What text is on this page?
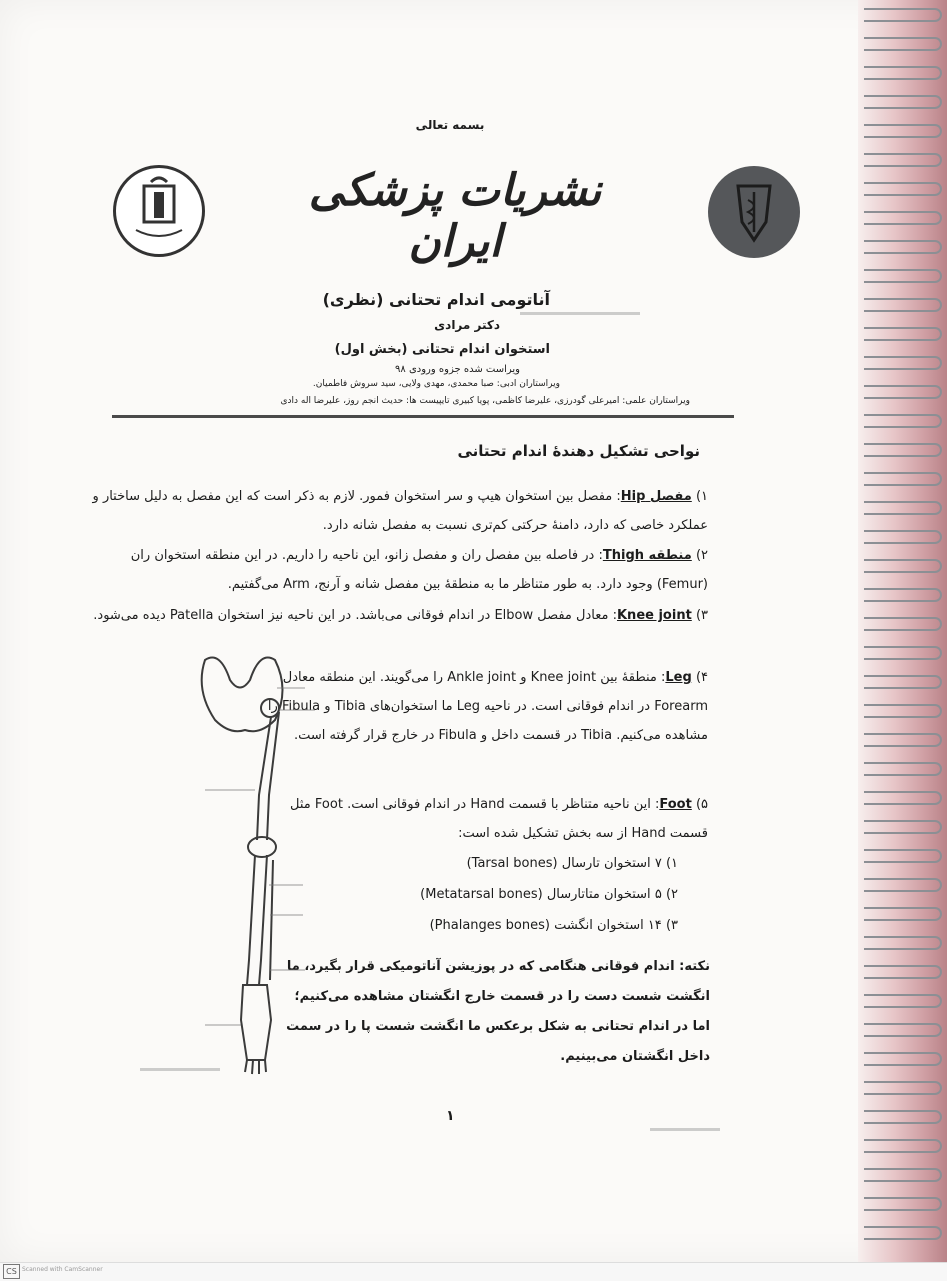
بسمه تعالی
نشریات پزشکی ایران
آناتومی اندام تحتانی (نظری)
دکتر مرادی
استخوان اندام تحتانی (بخش اول)
ویراست شده جزوه ورودی ۹۸
ویراستاران ادبی: صبا محمدی، مهدی ولایی، سید سروش فاطمیان.
ویراستاران علمی: امیرعلی گودرزی، علیرضا کاظمی، پویا کبیری تایپیست ها: حدیث انجم روز، علیرضا اله دادی
نواحی تشکیل دهندهٔ اندام تحتانی
۱) مفصل Hip: مفصل بین استخوان هیپ و سر استخوان فمور. لازم به ذکر است که این مفصل به دلیل ساختار و عملکرد خاصی که دارد، دامنهٔ حرکتی کم‌تری نسبت به مفصل شانه دارد.
۲) منطقه Thigh: در فاصله بین مفصل ران و مفصل زانو، این ناحیه را داریم. در این منطقه استخوان ران (Femur) وجود دارد. به طور متناظر ما به منطقهٔ بین مفصل شانه و آرنج، Arm می‌گفتیم.
۳) Knee joint: معادل مفصل Elbow در اندام فوقانی می‌باشد. در این ناحیه نیز استخوان Patella دیده می‌شود.
۴) Leg: منطقهٔ بین Knee joint و Ankle joint را می‌گویند. این منطقه معادل Forearm در اندام فوقانی است. در ناحیه Leg ما استخوان‌های Tibia و Fibula را مشاهده می‌کنیم. Tibia در قسمت داخل و Fibula در خارج قرار گرفته است.
۵) Foot: این ناحیه متناظر با قسمت Hand در اندام فوقانی است. Foot مثل قسمت Hand از سه بخش تشکیل شده است:
۱) ۷ استخوان تارسال (Tarsal bones)
۲) ۵ استخوان متاتارسال (Metatarsal bones)
۳) ۱۴ استخوان انگشت (Phalanges bones)
نکته: اندام فوقانی هنگامی که در پوزیشن آناتومیکی قرار بگیرد، ما انگشت شست دست را در قسمت خارج انگشتان مشاهده می‌کنیم؛ اما در اندام تحتانی به شکل برعکس ما انگشت شست پا را در سمت داخل انگشتان می‌بینیم.
۱
CS Scanned with CamScanner
